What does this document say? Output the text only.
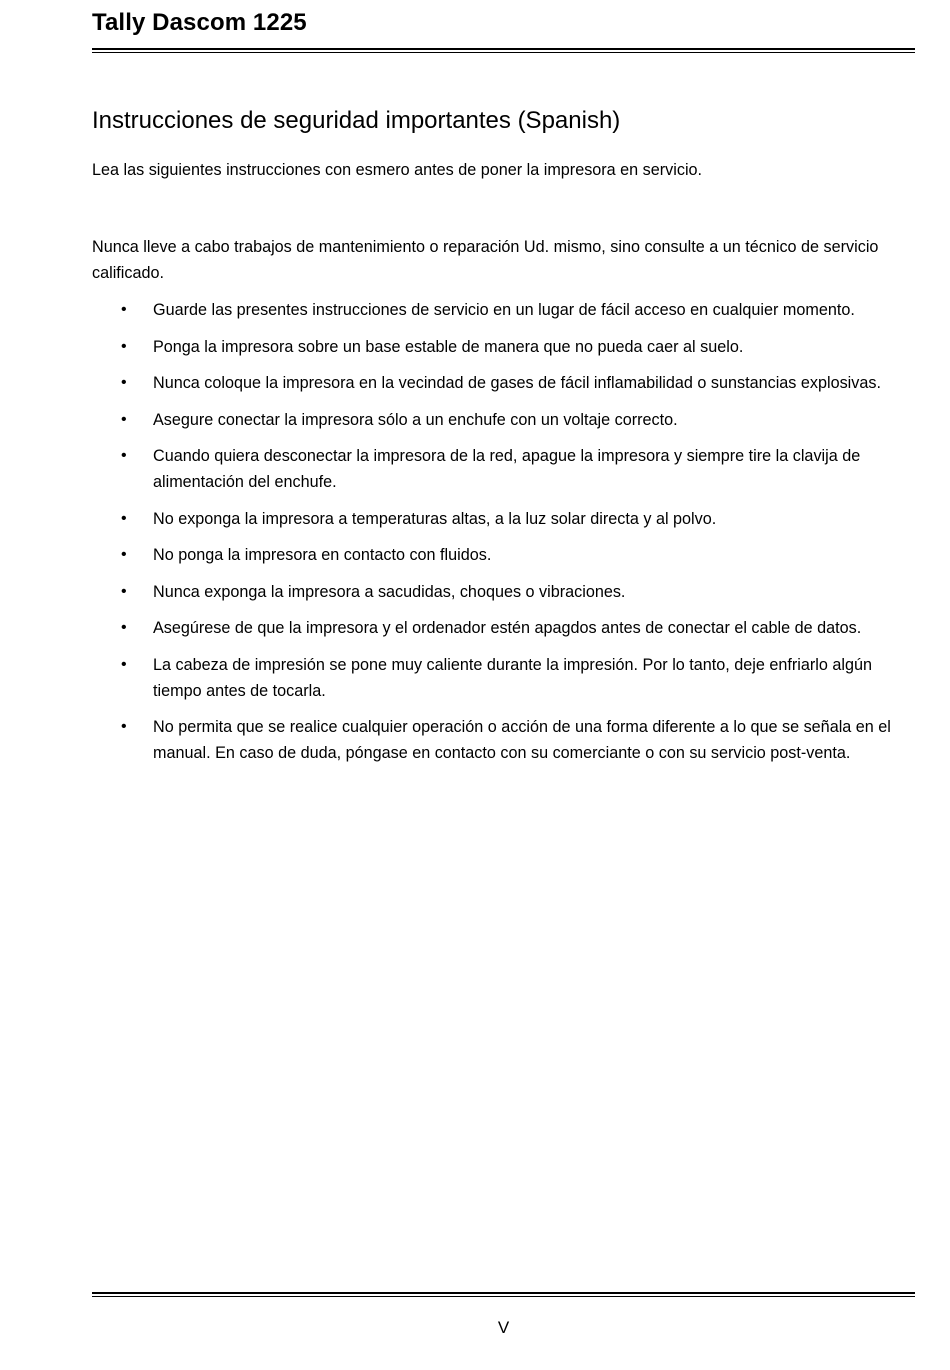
Tally Dascom 1225
Instrucciones de seguridad importantes (Spanish)

Lea las siguientes instrucciones con esmero antes de poner la impresora en servicio.

Nunca lleve a cabo trabajos de mantenimiento o reparación Ud. mismo, sino consulte a un técnico de servicio calificado.

• Guarde las presentes instrucciones de servicio en un lugar de fácil acceso en cualquier momento.
• Ponga la impresora sobre un base estable de manera que no pueda caer al suelo.
• Nunca coloque la impresora en la vecindad de gases de fácil inflamabilidad o sunstancias explosivas.
• Asegure conectar la impresora sólo a un enchufe con un voltaje correcto.
• Cuando quiera desconectar la impresora de la red, apague la impresora y siempre tire la clavija de alimentación del enchufe.
• No exponga la impresora a temperaturas altas, a la luz solar directa y al polvo.
• No ponga la impresora en contacto con fluidos.
• Nunca exponga la impresora a sacudidas, choques o vibraciones.
• Asegúrese de que la impresora y el ordenador estén apagdos antes de conectar el cable de datos.
• La cabeza de impresión se pone muy caliente durante la impresión. Por lo tanto, deje enfriarlo algún tiempo antes de tocarla.
• No permita que se realice cualquier operación o acción de una forma diferente a lo que se señala en el manual. En caso de duda, póngase en contacto con su comerciante o con su servicio post-venta.
V
